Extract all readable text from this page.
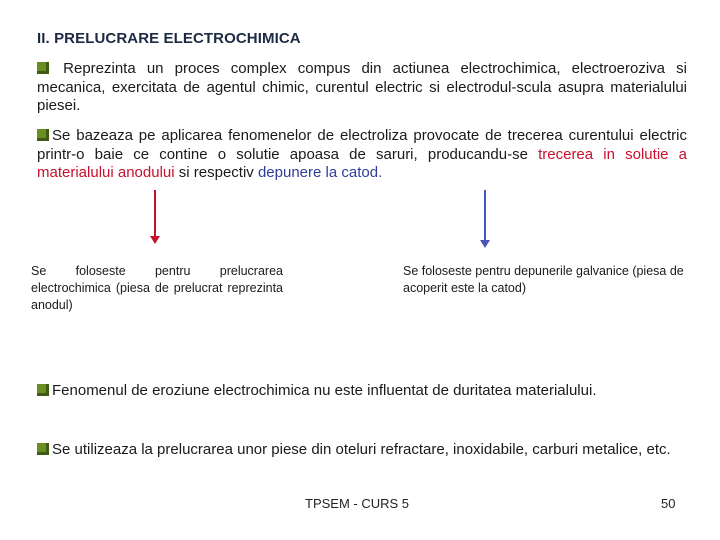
II. PRELUCRARE ELECTROCHIMICA
Reprezinta un proces complex compus din actiunea electrochimica, electroeroziva si mecanica, exercitata de agentul chimic, curentul electric si electrodul-scula asupra materialului piesei.
Se bazeaza pe aplicarea fenomenelor de electroliza provocate de trecerea curentului electric printr-o baie ce contine o solutie apoasa de saruri, producandu-se trecerea in solutie a materialului anodului si respectiv depunere la catod.
Se foloseste pentru prelucrarea electrochimica (piesa de prelucrat reprezinta anodul)
Se foloseste pentru depunerile galvanice (piesa de acoperit este la catod)
Fenomenul de eroziune electrochimica nu este influentat de duritatea materialului.
Se utilizeaza la prelucrarea unor piese din oteluri refractare, inoxidabile, carburi metalice, etc.
TPSEM - CURS 5	50
